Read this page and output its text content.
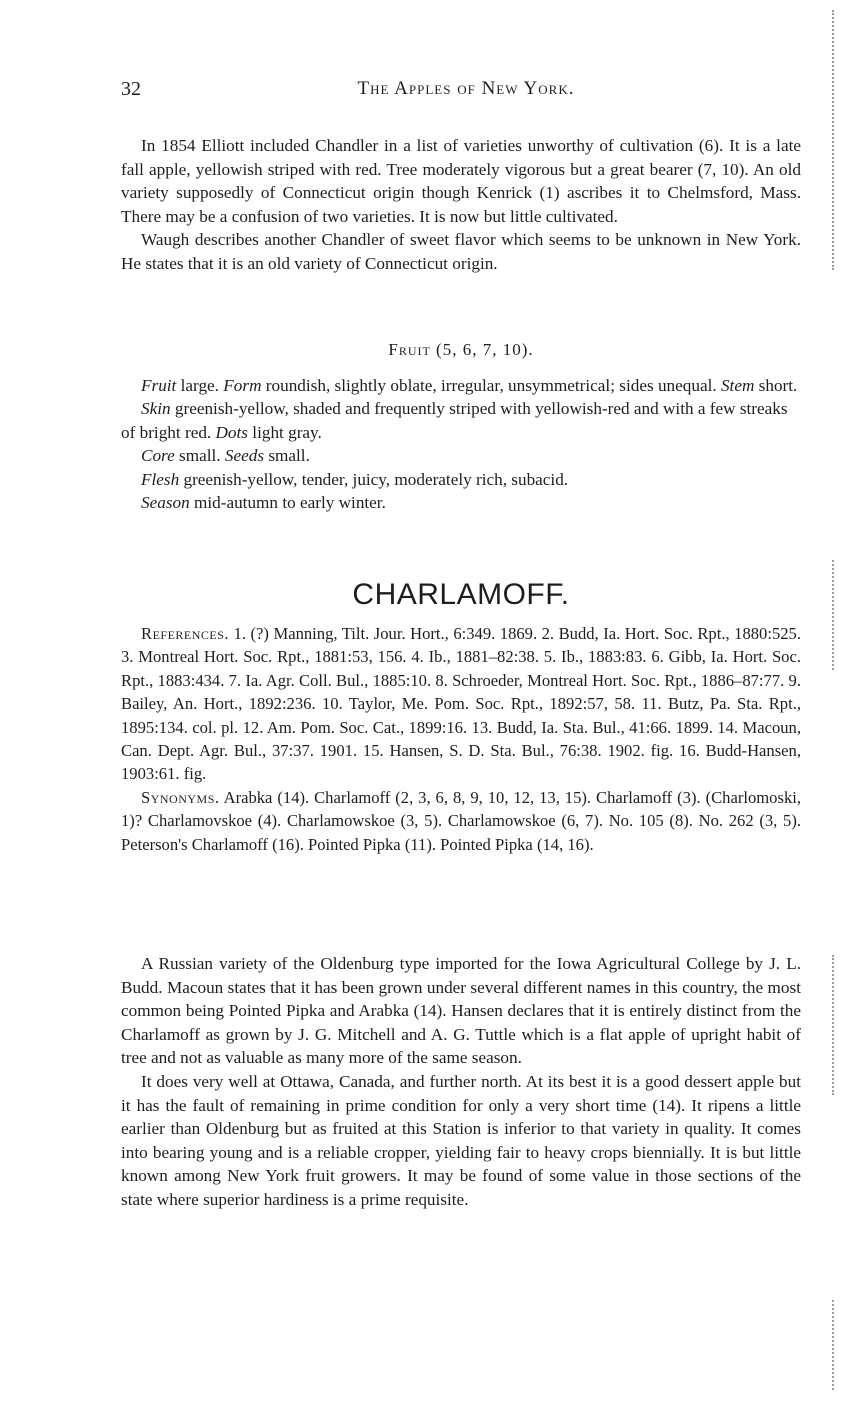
32	The Apples of New York.

In 1854 Elliott included Chandler in a list of varieties unworthy of cultivation (6). It is a late fall apple, yellowish striped with red. Tree moderately vigorous but a great bearer (7, 10). An old variety supposedly of Connecticut origin though Kenrick (1) ascribes it to Chelmsford, Mass. There may be a confusion of two varieties. It is now but little cultivated.

Waugh describes another Chandler of sweet flavor which seems to be unknown in New York. He states that it is an old variety of Connecticut origin.

Fruit (5, 6, 7, 10).

Fruit large. Form roundish, slightly oblate, irregular, unsymmetrical; sides unequal. Stem short.

Skin greenish-yellow, shaded and frequently striped with yellowish-red and with a few streaks of bright red. Dots light gray.

Core small. Seeds small.

Flesh greenish-yellow, tender, juicy, moderately rich, subacid.

Season mid-autumn to early winter.

CHARLAMOFF.

References. 1. (?) Manning, Tilt. Jour. Hort., 6:349. 1869. 2. Budd, Ia. Hort. Soc. Rpt., 1880:525. 3. Montreal Hort. Soc. Rpt., 1881:53, 156. 4. Ib., 1881–82:38. 5. Ib., 1883:83. 6. Gibb, Ia. Hort. Soc. Rpt., 1883:434. 7. Ia. Agr. Coll. Bul., 1885:10. 8. Schroeder, Montreal Hort. Soc. Rpt., 1886–87:77. 9. Bailey, An. Hort., 1892:236. 10. Taylor, Me. Pom. Soc. Rpt., 1892:57, 58. 11. Butz, Pa. Sta. Rpt., 1895:134. col. pl. 12. Am. Pom. Soc. Cat., 1899:16. 13. Budd, Ia. Sta. Bul., 41:66. 1899. 14. Macoun, Can. Dept. Agr. Bul., 37:37. 1901. 15. Hansen, S. D. Sta. Bul., 76:38. 1902. fig. 16. Budd-Hansen, 1903:61. fig.

Synonyms. Arabka (14). Charlamoff (2, 3, 6, 8, 9, 10, 12, 13, 15). Charlamoff (3). (Charlomoski, 1)? Charlamovskoe (4). Charlamowskoe (3, 5). Charlamowskoe (6, 7). No. 105 (8). No. 262 (3, 5). Peterson's Charlamoff (16). Pointed Pipka (11). Pointed Pipka (14, 16).

A Russian variety of the Oldenburg type imported for the Iowa Agricultural College by J. L. Budd. Macoun states that it has been grown under several different names in this country, the most common being Pointed Pipka and Arabka (14). Hansen declares that it is entirely distinct from the Charlamoff as grown by J. G. Mitchell and A. G. Tuttle which is a flat apple of upright habit of tree and not as valuable as many more of the same season.

It does very well at Ottawa, Canada, and further north. At its best it is a good dessert apple but it has the fault of remaining in prime condition for only a very short time (14). It ripens a little earlier than Oldenburg but as fruited at this Station is inferior to that variety in quality. It comes into bearing young and is a reliable cropper, yielding fair to heavy crops biennially. It is but little known among New York fruit growers. It may be found of some value in those sections of the state where superior hardiness is a prime requisite.
